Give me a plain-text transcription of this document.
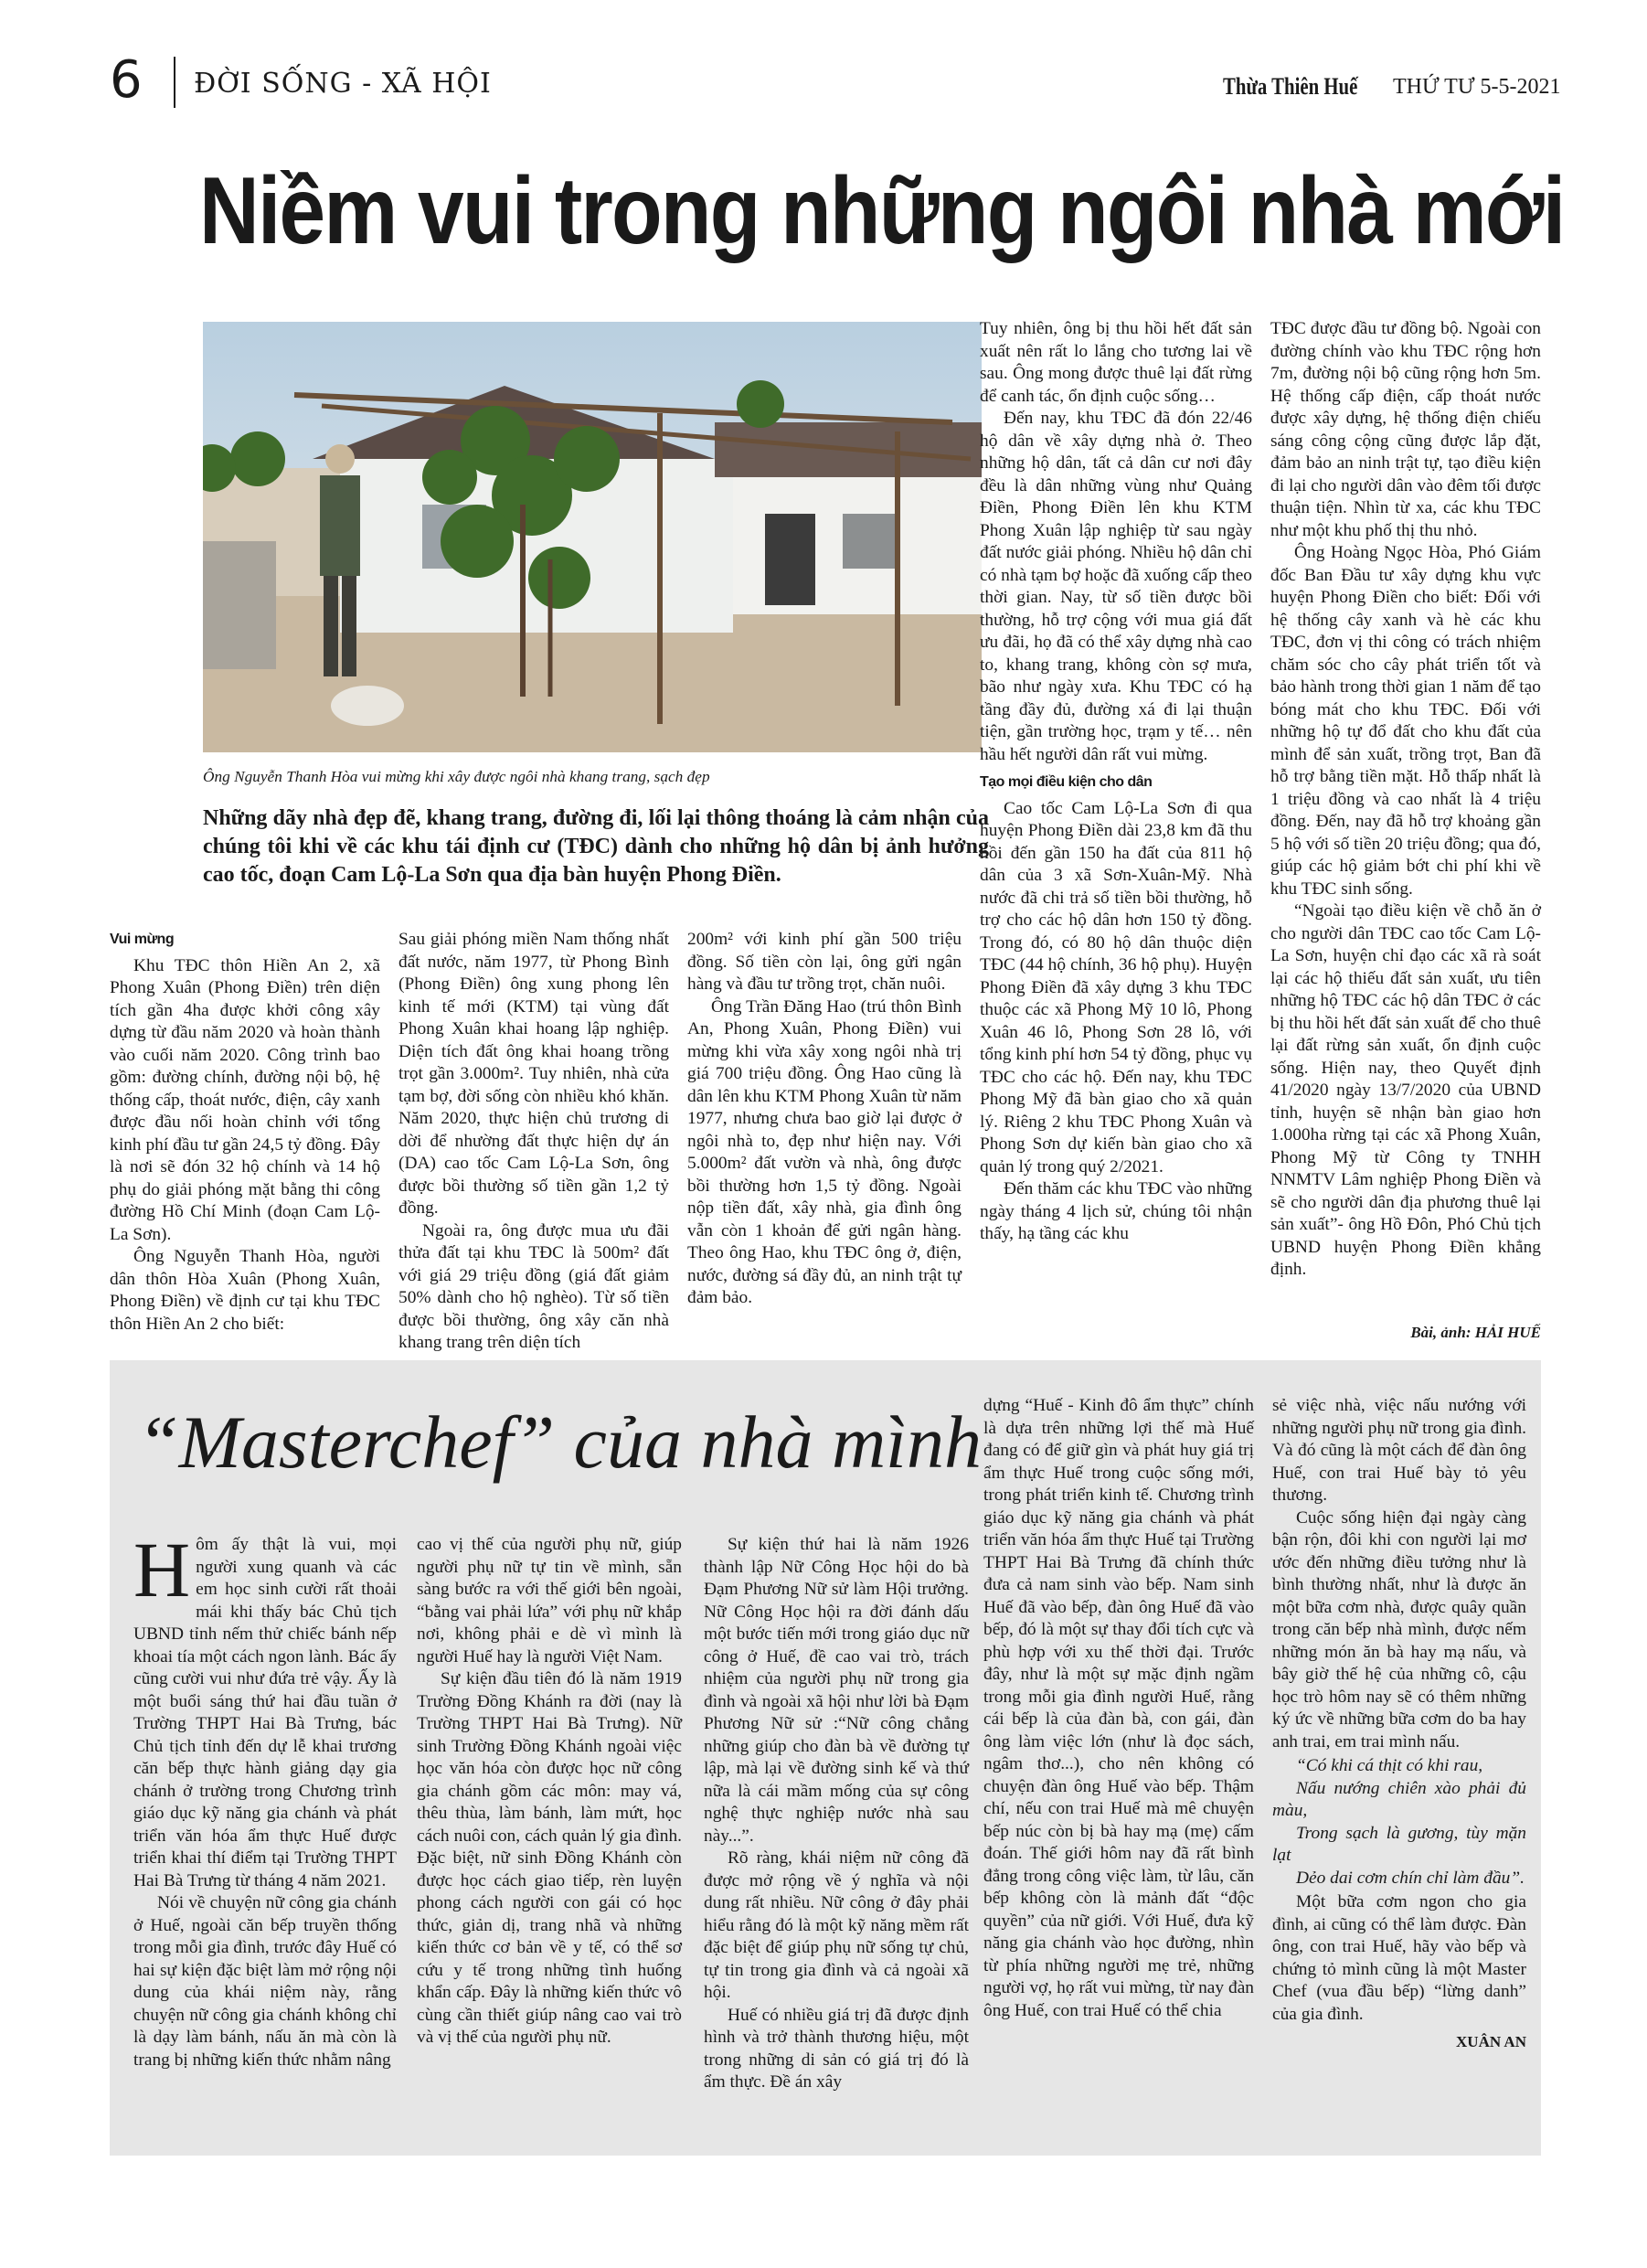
6 ĐỜI SỐNG - XÃ HỘI	Thừa Thiên Huế THỨ TƯ 5-5-2021
Niềm vui trong những ngôi nhà mới
Ông Nguyễn Thanh Hòa vui mừng khi xây được ngôi nhà khang trang, sạch đẹp
Những dãy nhà đẹp đẽ, khang trang, đường đi, lối lại thông thoáng là cảm nhận của chúng tôi khi về các khu tái định cư (TĐC) dành cho những hộ dân bị ảnh hưởng cao tốc, đoạn Cam Lộ-La Sơn qua địa bàn huyện Phong Điền.
Vui mừng

Khu TĐC thôn Hiền An 2, xã Phong Xuân (Phong Điền) trên diện tích gần 4ha được khởi công xây dựng từ đầu năm 2020 và hoàn thành vào cuối năm 2020. Công trình bao gồm: đường chính, đường nội bộ, hệ thống cấp, thoát nước, điện, cây xanh được đầu nối hoàn chỉnh với tổng kinh phí đầu tư gần 24,5 tỷ đồng. Đây là nơi sẽ đón 32 hộ chính và 14 hộ phụ do giải phóng mặt bằng thi công đường Hồ Chí Minh (đoạn Cam Lộ-La Sơn).

Ông Nguyễn Thanh Hòa, người dân thôn Hòa Xuân (Phong Xuân, Phong Điền) về định cư tại khu TĐC thôn Hiền An 2 cho biết:

Sau giải phóng miền Nam thống nhất đất nước, năm 1977, từ Phong Bình (Phong Điền) ông xung phong lên kinh tế mới (KTM) tại vùng đất Phong Xuân khai hoang lập nghiệp. Diện tích đất ông khai hoang trồng trọt gần 3.000m². Tuy nhiên, nhà cửa tạm bợ, đời sống còn nhiều khó khăn. Năm 2020, thực hiện chủ trương di dời để nhường đất thực hiện dự án (DA) cao tốc Cam Lộ-La Sơn, ông được bồi thường số tiền gần 1,2 tỷ đồng.

Ngoài ra, ông được mua ưu đãi thửa đất tại khu TĐC là 500m² đất với giá 29 triệu đồng (giá đất giảm 50% dành cho hộ nghèo). Từ số tiền được bồi thường, ông xây căn nhà khang trang trên diện tích

200m² với kinh phí gần 500 triệu đồng. Số tiền còn lại, ông gửi ngân hàng và đầu tư trồng trọt, chăn nuôi.

Ông Trần Đăng Hao (trú thôn Bình An, Phong Xuân, Phong Điền) vui mừng khi vừa xây xong ngôi nhà trị giá 700 triệu đồng. Ông Hao cũng là dân lên khu KTM Phong Xuân từ năm 1977, nhưng chưa bao giờ lại được ở ngôi nhà to, đẹp như hiện nay. Với 5.000m² đất vườn và nhà, ông được bồi thường hơn 1,5 tỷ đồng. Ngoài nộp tiền đất, xây nhà, gia đình ông vẫn còn 1 khoản để gửi ngân hàng. Theo ông Hao, khu TĐC ông ở, điện, nước, đường sá đầy đủ, an ninh trật tự đảm bảo.

Tuy nhiên, ông bị thu hồi hết đất sản xuất nên rất lo lắng cho tương lai về sau. Ông mong được thuê lại đất rừng để canh tác, ổn định cuộc sống…

Đến nay, khu TĐC đã đón 22/46 hộ dân về xây dựng nhà ở. Theo những hộ dân, tất cả dân cư nơi đây đều là dân những vùng như Quảng Điền, Phong Điền lên khu KTM Phong Xuân lập nghiệp từ sau ngày đất nước giải phóng. Nhiều hộ dân chỉ có nhà tạm bợ hoặc đã xuống cấp theo thời gian. Nay, từ số tiền được bồi thường, hỗ trợ cộng với mua giá đất ưu đãi, họ đã có thể xây dựng nhà cao to, khang trang, không còn sợ mưa, bão như ngày xưa. Khu TĐC có hạ tầng đầy đủ, đường xá đi lại thuận tiện, gần trường học, trạm y tế… nên hầu hết người dân rất vui mừng.

Tạo mọi điều kiện cho dân

Cao tốc Cam Lộ-La Sơn đi qua huyện Phong Điền dài 23,8 km đã thu hồi đến gần 150 ha đất của 811 hộ dân của 3 xã Sơn-Xuân-Mỹ. Nhà nước đã chi trả số tiền bồi thường, hỗ trợ cho các hộ dân hơn 150 tỷ đồng. Trong đó, có 80 hộ dân thuộc diện TĐC (44 hộ chính, 36 hộ phụ). Huyện Phong Điền đã xây dựng 3 khu TĐC thuộc các xã Phong Mỹ 10 lô, Phong Xuân 46 lô, Phong Sơn 28 lô, với tổng kinh phí hơn 54 tỷ đồng, phục vụ TĐC cho các hộ. Đến nay, khu TĐC Phong Mỹ đã bàn giao cho xã quản lý. Riêng 2 khu TĐC Phong Xuân và Phong Sơn dự kiến bàn giao cho xã quản lý trong quý 2/2021.

Đến thăm các khu TĐC vào những ngày tháng 4 lịch sử, chúng tôi nhận thấy, hạ tầng các khu

TĐC được đầu tư đồng bộ. Ngoài con đường chính vào khu TĐC rộng hơn 7m, đường nội bộ cũng rộng hơn 5m. Hệ thống cấp điện, cấp thoát nước được xây dựng, hệ thống điện chiếu sáng công cộng cũng được lắp đặt, đảm bảo an ninh trật tự, tạo điều kiện đi lại cho người dân vào đêm tối được thuận tiện. Nhìn từ xa, các khu TĐC như một khu phố thị thu nhỏ.

Ông Hoàng Ngọc Hòa, Phó Giám đốc Ban Đầu tư xây dựng khu vực huyện Phong Điền cho biết: Đối với hệ thống cây xanh và hè các khu TĐC, đơn vị thi công có trách nhiệm chăm sóc cho cây phát triển tốt và bảo hành trong thời gian 1 năm để tạo bóng mát cho khu TĐC. Đối với những hộ tự đổ đất cho khu đất của mình để sản xuất, trồng trọt, Ban đã hỗ trợ bằng tiền mặt. Hỗ thấp nhất là 1 triệu đồng và cao nhất là 4 triệu đồng. Đến, nay đã hỗ trợ khoảng gần 5 hộ với số tiền 20 triệu đồng; qua đó, giúp các hộ giảm bớt chi phí khi về khu TĐC sinh sống.

“Ngoài tạo điều kiện về chỗ ăn ở cho người dân TĐC cao tốc Cam Lộ-La Sơn, huyện chỉ đạo các xã rà soát lại các hộ thiếu đất sản xuất, ưu tiên những hộ TĐC các hộ dân TĐC ở các bị thu hồi hết đất sản xuất để cho thuê lại đất rừng sản xuất, ổn định cuộc sống. Hiện nay, theo Quyết định 41/2020 ngày 13/7/2020 của UBND tỉnh, huyện sẽ nhận bàn giao hơn 1.000ha rừng tại các xã Phong Xuân, Phong Mỹ từ Công ty TNHH NNMTV Lâm nghiệp Phong Điền và sẽ cho người dân địa phương thuê lại sản xuất”- ông Hồ Đôn, Phó Chủ tịch UBND huyện Phong Điền khẳng định.

Bài, ảnh: HẢI HUẾ
“Masterchef” của nhà mình
H ôm ấy thật là vui, mọi người xung quanh và các em học sinh cười rất thoải mái khi thấy bác Chủ tịch UBND tỉnh nếm thử chiếc bánh nếp khoai tía một cách ngon lành. Bác ấy cũng cười vui như đứa trẻ vậy. Ấy là một buổi sáng thứ hai đầu tuần ở Trường THPT Hai Bà Trưng, bác Chủ tịch tỉnh đến dự lễ khai trương căn bếp thực hành giảng dạy gia chánh ở trường trong Chương trình giáo dục kỹ năng gia chánh và phát triển văn hóa ẩm thực Huế được triển khai thí điểm tại Trường THPT Hai Bà Trưng từ tháng 4 năm 2021.

Nói về chuyện nữ công gia chánh ở Huế, ngoài căn bếp truyền thống trong mỗi gia đình, trước đây Huế có hai sự kiện đặc biệt làm mở rộng nội dung của khái niệm này, rằng chuyện nữ công gia chánh không chỉ là dạy làm bánh, nấu ăn mà còn là trang bị những kiến thức nhằm nâng

cao vị thế của người phụ nữ, giúp người phụ nữ tự tin về mình, sẵn sàng bước ra với thế giới bên ngoài, “bằng vai phải lứa” với phụ nữ khắp nơi, không phải e dè vì mình là người Huế hay là người Việt Nam.

Sự kiện đầu tiên đó là năm 1919 Trường Đồng Khánh ra đời (nay là Trường THPT Hai Bà Trưng). Nữ sinh Trường Đồng Khánh ngoài việc học văn hóa còn được học nữ công gia chánh gồm các môn: may vá, thêu thùa, làm bánh, làm mứt, học cách nuôi con, cách quản lý gia đình. Đặc biệt, nữ sinh Đồng Khánh còn được học cách giao tiếp, rèn luyện phong cách người con gái có học thức, giản dị, trang nhã và những kiến thức cơ bản về y tế, có thể sơ cứu y tế trong những tình huống khẩn cấp. Đây là những kiến thức vô cùng cần thiết giúp nâng cao vai trò và vị thế của người phụ nữ.

Sự kiện thứ hai là năm 1926 thành lập Nữ Công Học hội do bà Đạm Phương Nữ sử làm Hội trưởng. Nữ Công Học hội ra đời đánh dấu một bước tiến mới trong giáo dục nữ công ở Huế, đề cao vai trò, trách nhiệm của người phụ nữ trong gia đình và ngoài xã hội như lời bà Đạm Phương Nữ sử :“Nữ công chẳng những giúp cho đàn bà về đường tự lập, mà lại về đường sinh kế và thứ nữa là cái mầm mống của sự công nghệ thực nghiệp nước nhà sau này...”.

Rõ ràng, khái niệm nữ công đã được mở rộng về ý nghĩa và nội dung rất nhiều. Nữ công ở đây phải hiểu rằng đó là một kỹ năng mềm rất đặc biệt để giúp phụ nữ sống tự chủ, tự tin trong gia đình và cả ngoài xã hội.

Huế có nhiều giá trị đã được định hình và trở thành thương hiệu, một trong những di sản có giá trị đó là ẩm thực. Đề án xây

dựng “Huế - Kinh đô ẩm thực” chính là dựa trên những lợi thế mà Huế đang có để giữ gìn và phát huy giá trị ẩm thực Huế trong cuộc sống mới, trong phát triển kinh tế. Chương trình giáo dục kỹ năng gia chánh và phát triển văn hóa ẩm thực Huế tại Trường THPT Hai Bà Trưng đã chính thức đưa cả nam sinh vào bếp. Nam sinh Huế đã vào bếp, đàn ông Huế đã vào bếp, đó là một sự thay đổi tích cực và phù hợp với xu thế thời đại. Trước đây, như là một sự mặc định ngầm trong mỗi gia đình người Huế, rằng cái bếp là của đàn bà, con gái, đàn ông làm việc lớn (như là đọc sách, ngâm thơ...), cho nên không có chuyện đàn ông Huế vào bếp. Thậm chí, nếu con trai Huế mà mê chuyện bếp núc còn bị bà hay mạ (mẹ) cấm đoán. Thế giới hôm nay đã rất bình đẳng trong công việc làm, từ lâu, căn bếp không còn là mảnh đất “độc quyền” của nữ giới. Với Huế, đưa kỹ năng gia chánh vào học đường, nhìn từ phía những người mẹ trẻ, những người vợ, họ rất vui mừng, từ nay đàn ông Huế, con trai Huế có thể chia

sẻ việc nhà, việc nấu nướng với những người phụ nữ trong gia đình. Và đó cũng là một cách để đàn ông Huế, con trai Huế bày tỏ yêu thương.

Cuộc sống hiện đại ngày càng bận rộn, đôi khi con người lại mơ ước đến những điều tưởng như là bình thường nhất, như là được ăn một bữa cơm nhà, được quây quần trong căn bếp nhà mình, được nếm những món ăn bà hay mạ nấu, và bây giờ thế hệ của những cô, cậu học trò hôm nay sẽ có thêm những ký ức về những bữa cơm do ba hay anh trai, em trai mình nấu.

“Có khi cá thịt có khi rau,

Nấu nướng chiên xào phải đủ màu,

Trong sạch là gương, tùy mặn lạt

Dẻo dai cơm chín chỉ làm đầu”.

Một bữa cơm ngon cho gia đình, ai cũng có thể làm được. Đàn ông, con trai Huế, hãy vào bếp và chứng tỏ mình cũng là một Master Chef (vua đầu bếp) “lừng danh” của gia đình.

XUÂN AN
